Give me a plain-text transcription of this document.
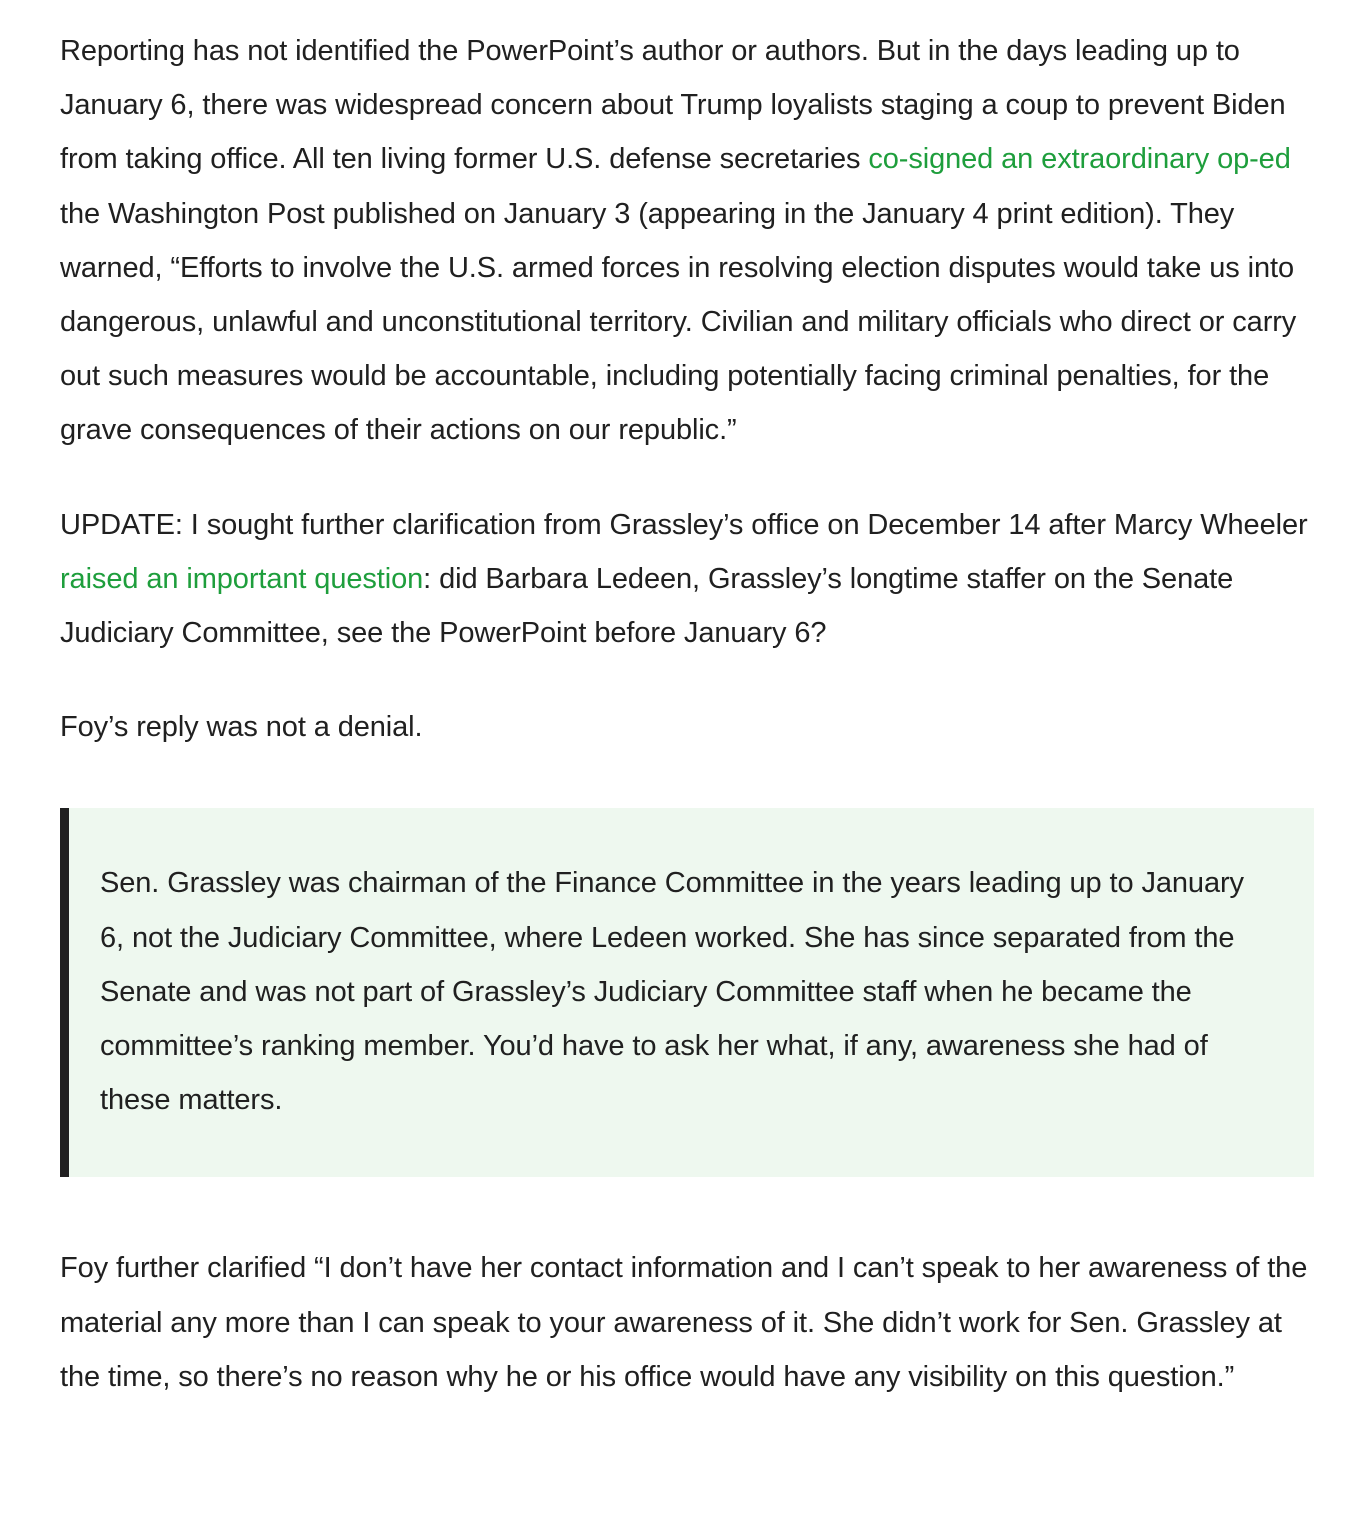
Reporting has not identified the PowerPoint’s author or authors. But in the days leading up to January 6, there was widespread concern about Trump loyalists staging a coup to prevent Biden from taking office. All ten living former U.S. defense secretaries co-signed an extraordinary op-ed the Washington Post published on January 3 (appearing in the January 4 print edition). They warned, “Efforts to involve the U.S. armed forces in resolving election disputes would take us into dangerous, unlawful and unconstitutional territory. Civilian and military officials who direct or carry out such measures would be accountable, including potentially facing criminal penalties, for the grave consequences of their actions on our republic.”

UPDATE: I sought further clarification from Grassley’s office on December 14 after Marcy Wheeler raised an important question: did Barbara Ledeen, Grassley’s longtime staffer on the Senate Judiciary Committee, see the PowerPoint before January 6?

Foy’s reply was not a denial.

Sen. Grassley was chairman of the Finance Committee in the years leading up to January 6, not the Judiciary Committee, where Ledeen worked. She has since separated from the Senate and was not part of Grassley’s Judiciary Committee staff when he became the committee’s ranking member. You’d have to ask her what, if any, awareness she had of these matters.

Foy further clarified “I don’t have her contact information and I can’t speak to her awareness of the material any more than I can speak to your awareness of it. She didn’t work for Sen. Grassley at the time, so there’s no reason why he or his office would have any visibility on this question.”
